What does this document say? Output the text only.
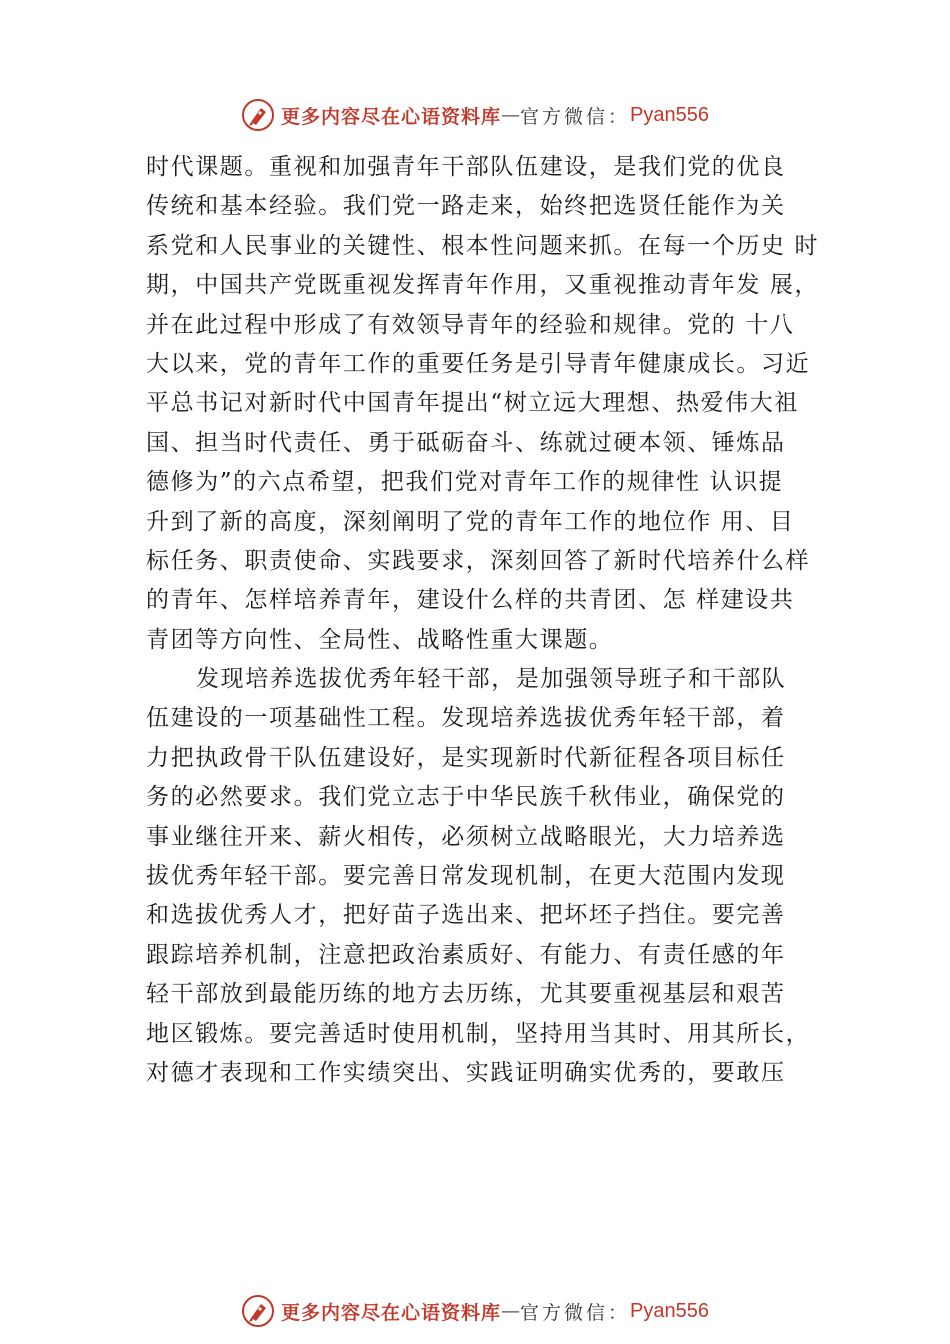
更多内容尽在心语资料库 — 官方微信： Pyan556
时代课题。重视和加强青年干部队伍建设，是我们党的优良
传统和基本经验。我们党一路走来，始终把选贤任能作为关
系党和人民事业的关键性、根本性问题来抓。在每一个历史 时
期，中国共产党既重视发挥青年作用，又重视推动青年发 展，
并在此过程中形成了有效领导青年的经验和规律。党的 十八
大以来，党的青年工作的重要任务是引导青年健康成长。习近
平总书记对新时代中国青年提出“树立远大理想、热爱伟大祖
国、担当时代责任、勇于砥砺奋斗、练就过硬本领、锤炼品
德修为”的六点希望，把我们党对青年工作的规律性 认识提
升到了新的高度，深刻阐明了党的青年工作的地位作 用、目
标任务、职责使命、实践要求，深刻回答了新时代培养什么样
的青年、怎样培养青年，建设什么样的共青团、怎 样建设共
青团等方向性、全局性、战略性重大课题。
发现培养选拔优秀年轻干部，是加强领导班子和干部队
伍建设的一项基础性工程。发现培养选拔优秀年轻干部，着
力把执政骨干队伍建设好，是实现新时代新征程各项目标任
务的必然要求。我们党立志于中华民族千秋伟业，确保党的
事业继往开来、薪火相传，必须树立战略眼光，大力培养选
拔优秀年轻干部。要完善日常发现机制，在更大范围内发现
和选拔优秀人才，把好苗子选出来、把坏坯子挡住。要完善
跟踪培养机制，注意把政治素质好、有能力、有责任感的年
轻干部放到最能历练的地方去历练，尤其要重视基层和艰苦
地区锻炼。要完善适时使用机制，坚持用当其时、用其所长，
对德才表现和工作实绩突出、实践证明确实优秀的，要敢压
更多内容尽在心语资料库 — 官方微信： Pyan556
